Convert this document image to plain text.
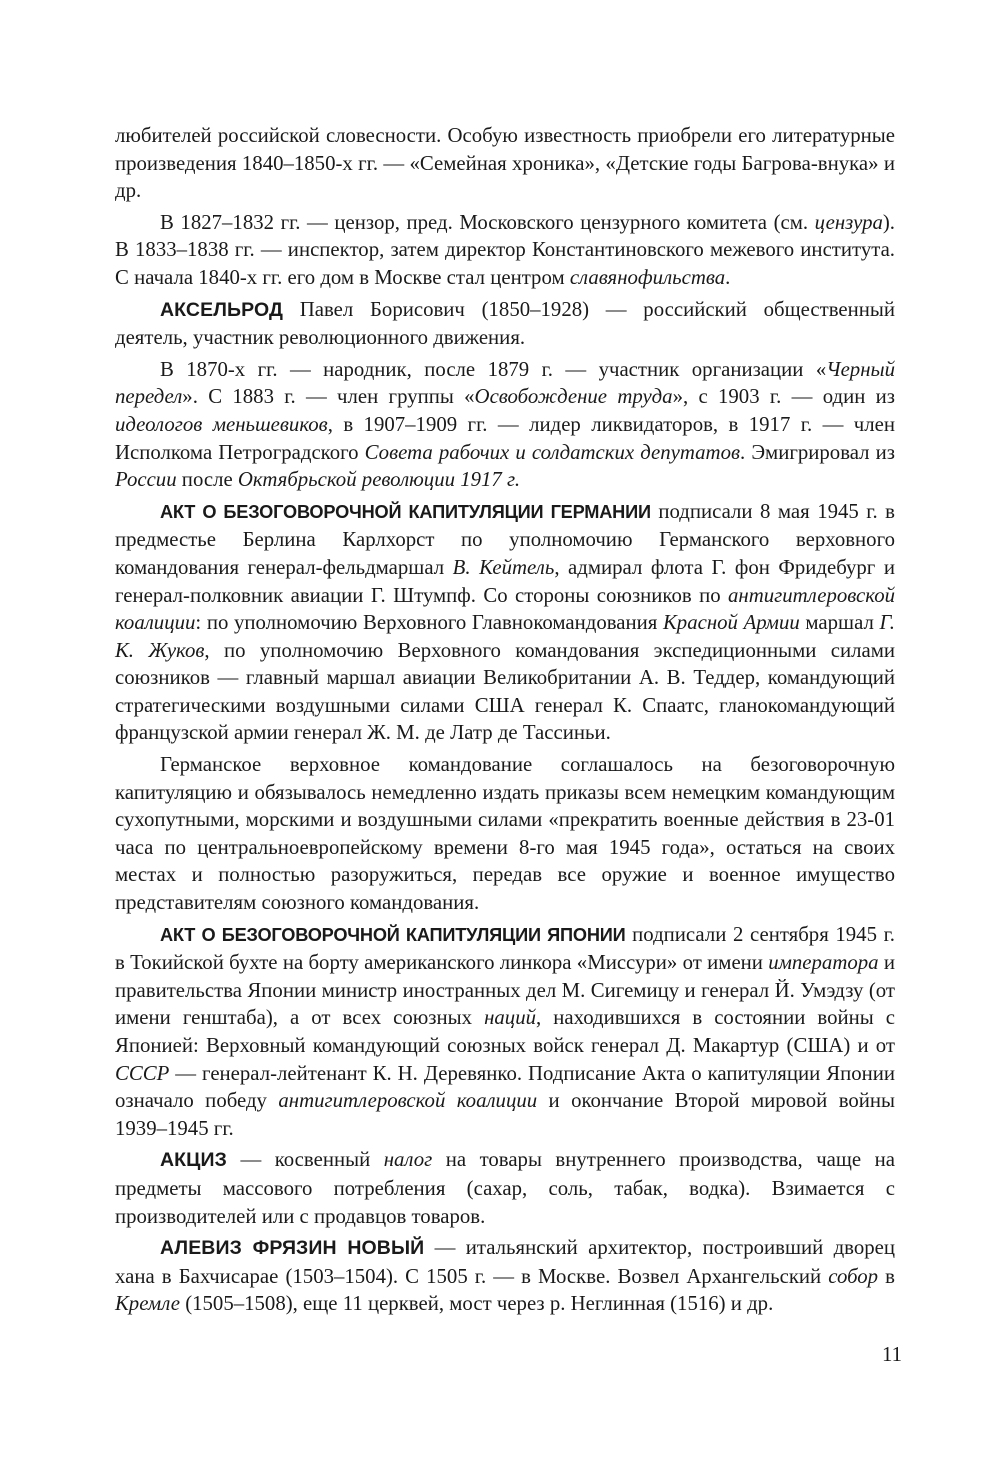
любителей российской словесности. Особую известность приобрели его литературные произведения 1840–1850-х гг. — «Семейная хроника», «Детские годы Багрова-внука» и др.

В 1827–1832 гг. — цензор, пред. Московского цензурного комитета (см. цензура). В 1833–1838 гг. — инспектор, затем директор Константиновского межевого института. С начала 1840-х гг. его дом в Москве стал центром славянофильства.

АКСЕЛЬРОД Павел Борисович (1850–1928) — российский общественный деятель, участник революционного движения.

В 1870-х гг. — народник, после 1879 г. — участник организации «Черный передел». С 1883 г. — член группы «Освобождение труда», с 1903 г. — один из идеологов меньшевиков, в 1907–1909 гг. — лидер ликвидаторов, в 1917 г. — член Исполкома Петроградского Совета рабочих и солдатских депутатов. Эмигрировал из России после Октябрьской революции 1917 г.

АКТ О БЕЗОГОВОРОЧНОЙ КАПИТУЛЯЦИИ ГЕРМАНИИ подписали 8 мая 1945 г. в предместье Берлина Карлхорст по уполномочию Германского верховного командования генерал-фельдмаршал В. Кейтель, адмирал флота Г. фон Фридебург и генерал-полковник авиации Г. Штумпф. Со стороны союзников по антигитлеровской коалиции: по уполномочию Верховного Главнокомандования Красной Армии маршал Г. К. Жуков, по уполномочию Верховного командования экспедиционными силами союзников — главный маршал авиации Великобритании А. В. Теддер, командующий стратегическими воздушными силами США генерал К. Спаатс, гланокомандующий французской армии генерал Ж. М. де Латр де Тассиньи.

Германское верховное командование соглашалось на безоговорочную капитуляцию и обязывалось немедленно издать приказы всем немецким командующим сухопутными, морскими и воздушными силами «прекратить военные действия в 23-01 часа по центральноевропейскому времени 8-го мая 1945 года», остаться на своих местах и полностью разоружиться, передав все оружие и военное имущество представителям союзного командования.

АКТ О БЕЗОГОВОРОЧНОЙ КАПИТУЛЯЦИИ ЯПОНИИ подписали 2 сентября 1945 г. в Токийской бухте на борту американского линкора «Миссури» от имени императора и правительства Японии министр иностранных дел М. Сигемицу и генерал Й. Умэдзу (от имени генштаба), а от всех союзных наций, находившихся в состоянии войны с Японией: Верховный командующий союзных войск генерал Д. Макартур (США) и от СССР — генерал-лейтенант К. Н. Деревянко. Подписание Акта о капитуляции Японии означало победу антигитлеровской коалиции и окончание Второй мировой войны 1939–1945 гг.

АКЦИЗ — косвенный налог на товары внутреннего производства, чаще на предметы массового потребления (сахар, соль, табак, водка). Взимается с производителей или с продавцов товаров.

АЛЕВИЗ ФРЯЗИН НОВЫЙ — итальянский архитектор, построивший дворец хана в Бахчисарае (1503–1504). С 1505 г. — в Москве. Возвел Архангельский собор в Кремле (1505–1508), еще 11 церквей, мост через р. Неглинная (1516) и др.

11
